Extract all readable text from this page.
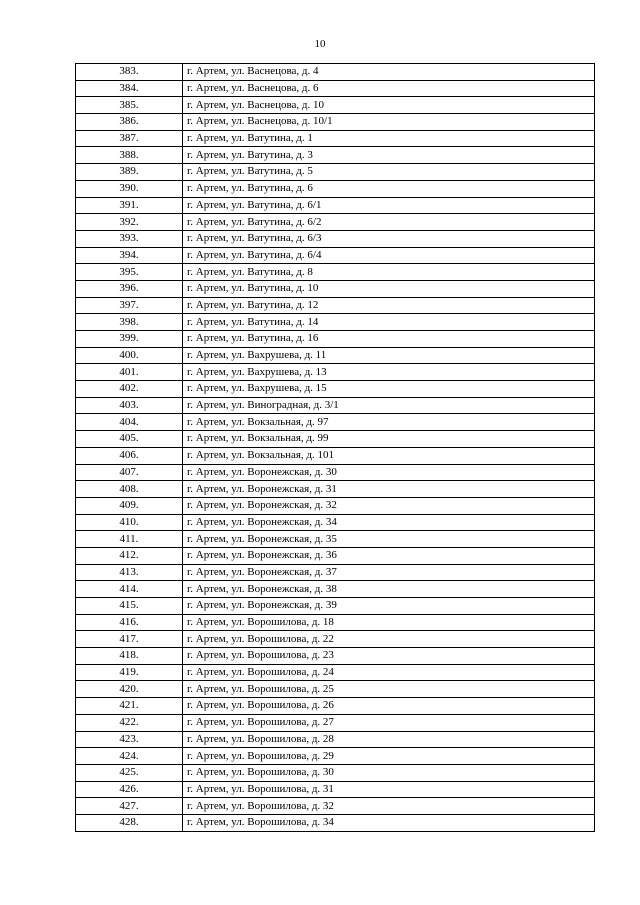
10
383.	г. Артем, ул. Васнецова, д. 4
384.	г. Артем, ул. Васнецова, д. 6
385.	г. Артем, ул. Васнецова, д. 10
386.	г. Артем, ул. Васнецова, д. 10/1
387.	г. Артем, ул. Ватутина, д. 1
388.	г. Артем, ул. Ватутина, д. 3
389.	г. Артем, ул. Ватутина, д. 5
390.	г. Артем, ул. Ватутина, д. 6
391.	г. Артем, ул. Ватутина, д. 6/1
392.	г. Артем, ул. Ватутина, д. 6/2
393.	г. Артем, ул. Ватутина, д. 6/3
394.	г. Артем, ул. Ватутина, д. 6/4
395.	г. Артем, ул. Ватутина, д. 8
396.	г. Артем, ул. Ватутина, д. 10
397.	г. Артем, ул. Ватутина, д. 12
398.	г. Артем, ул. Ватутина, д. 14
399.	г. Артем, ул. Ватутина, д. 16
400.	г. Артем, ул. Вахрушева, д. 11
401.	г. Артем, ул. Вахрушева, д. 13
402.	г. Артем, ул. Вахрушева, д. 15
403.	г. Артем, ул. Виноградная, д. 3/1
404.	г. Артем, ул. Вокзальная, д. 97
405.	г. Артем, ул. Вокзальная, д. 99
406.	г. Артем, ул. Вокзальная, д. 101
407.	г. Артем, ул. Воронежская, д. 30
408.	г. Артем, ул. Воронежская, д. 31
409.	г. Артем, ул. Воронежская, д. 32
410.	г. Артем, ул. Воронежская, д. 34
411.	г. Артем, ул. Воронежская, д. 35
412.	г. Артем, ул. Воронежская, д. 36
413.	г. Артем, ул. Воронежская, д. 37
414.	г. Артем, ул. Воронежская, д. 38
415.	г. Артем, ул. Воронежская, д. 39
416.	г. Артем, ул. Ворошилова, д. 18
417.	г. Артем, ул. Ворошилова, д. 22
418.	г. Артем, ул. Ворошилова, д. 23
419.	г. Артем, ул. Ворошилова, д. 24
420.	г. Артем, ул. Ворошилова, д. 25
421.	г. Артем, ул. Ворошилова, д. 26
422.	г. Артем, ул. Ворошилова, д. 27
423.	г. Артем, ул. Ворошилова, д. 28
424.	г. Артем, ул. Ворошилова, д. 29
425.	г. Артем, ул. Ворошилова, д. 30
426.	г. Артем, ул. Ворошилова, д. 31
427.	г. Артем, ул. Ворошилова, д. 32
428.	г. Артем, ул. Ворошилова, д. 34
